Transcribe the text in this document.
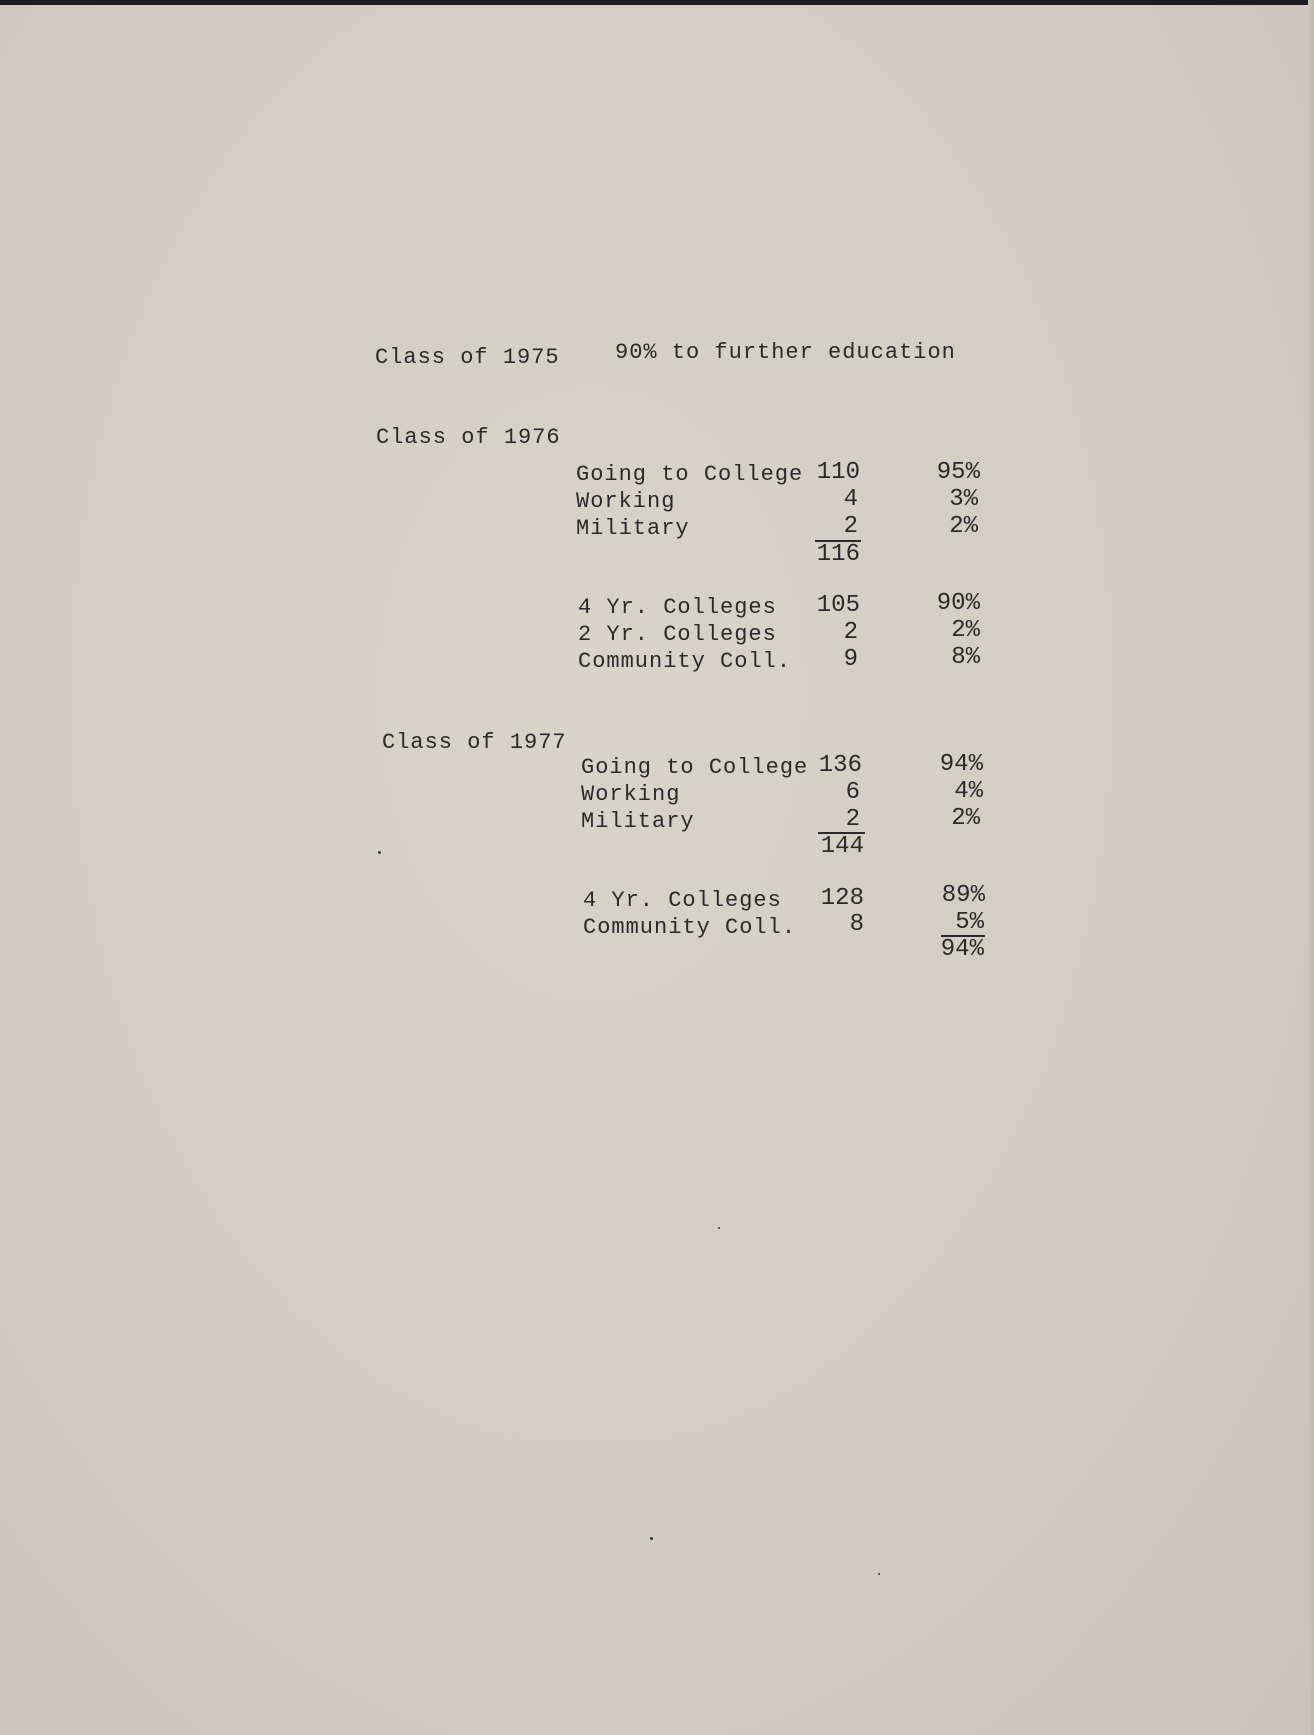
Class of 1975	90% to further education
Class of 1976
Going to College
Working
Military
110
4
2
116
95%
3%
2%
4 Yr. Colleges
2 Yr. Colleges
Community Coll.
105
2
9
90%
2%
8%
Class of 1977
Going to College
Working
Military
136
6
2
144
94%
4%
2%
4 Yr. Colleges
Community Coll.
128
8
89%
5%
94%
